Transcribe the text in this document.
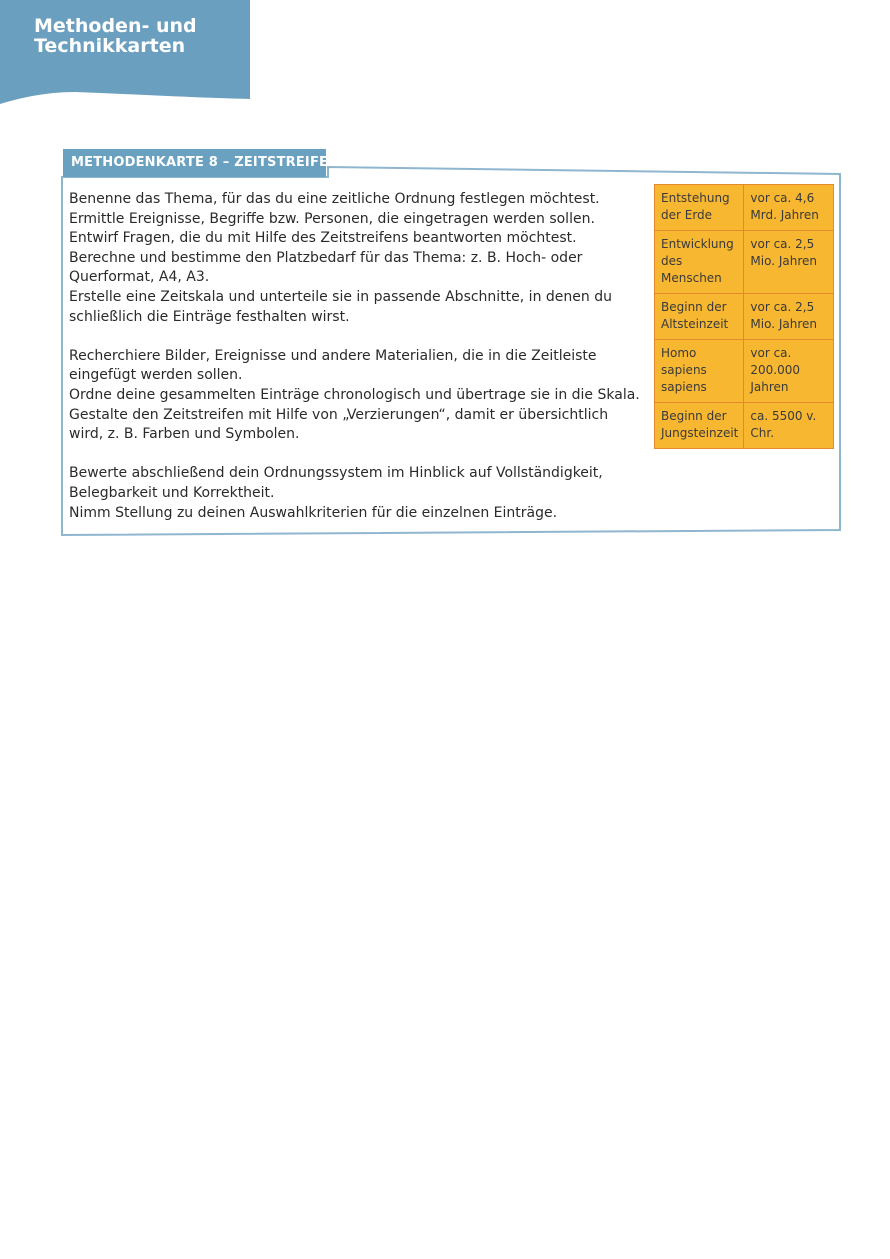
Methoden- und
Technikkarten
METHODENKARTE 8 – ZEITSTREIFEN

Benenne das Thema, für das du eine zeitliche Ordnung festlegen möchtest.

Ermittle Ereignisse, Begriffe bzw. Personen, die eingetragen werden sollen.

Entwirf Fragen, die du mit Hilfe des Zeitstreifens beantworten möchtest.

Berechne und bestimme den Platzbedarf für das Thema: z. B. Hoch- oder Querformat, A4, A3.

Erstelle eine Zeitskala und unterteile sie in passende Abschnitte, in denen du schließlich die Einträge festhalten wirst.

Recherchiere Bilder, Ereignisse und andere Materialien, die in die Zeitleiste eingefügt werden sollen.

Ordne deine gesammelten Einträge chronologisch und übertrage sie in die Skala.

Gestalte den Zeitstreifen mit Hilfe von „Verzierungen“, damit er übersichtlich wird, z. B. Farben und Symbolen.

Bewerte abschließend dein Ordnungssystem im Hinblick auf Vollständigkeit, Belegbarkeit und Korrektheit.

Nimm Stellung zu deinen Auswahlkriterien für die einzelnen Einträge.

Entstehung der Erde	vor ca. 4,6 Mrd. Jahren
Entwicklung des Menschen	vor ca. 2,5 Mio. Jahren
Beginn der Altsteinzeit	vor ca. 2,5 Mio. Jahren
Homo sapiens sapiens	vor ca. 200.000 Jahren
Beginn der Jungsteinzeit	ca. 5500 v. Chr.
